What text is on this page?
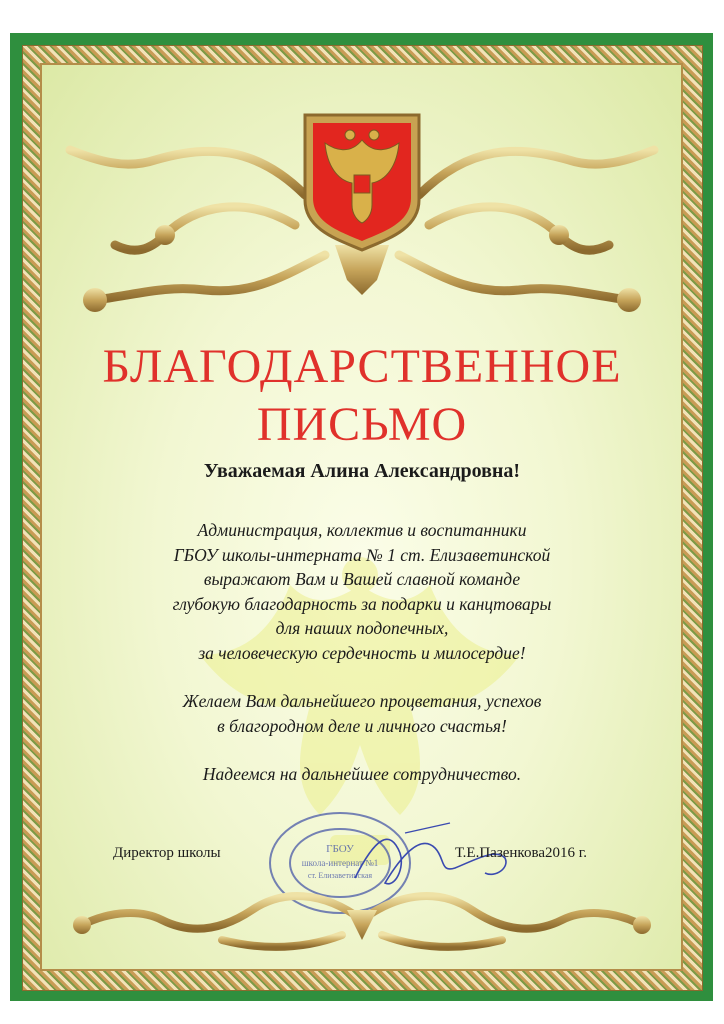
БЛАГОДАРСТВЕННОЕ
ПИСЬМО
Уважаемая Алина Александровна!
Администрация, коллектив и воспитанники
ГБОУ школы-интерната № 1 ст. Елизаветинской
выражают Вам и Вашей славной команде
глубокую благодарность за подарки и канцтовары
для наших подопечных,
за человеческую сердечность и милосердие!
Желаем Вам дальнейшего процветания, успехов
в благородном деле и личного счастья!
Надеемся на дальнейшее сотрудничество.
ГБОУ
школа-интернат №1
ст. Елизаветинская
Директор школы	Т.Е.Пазенкова2016 г.
